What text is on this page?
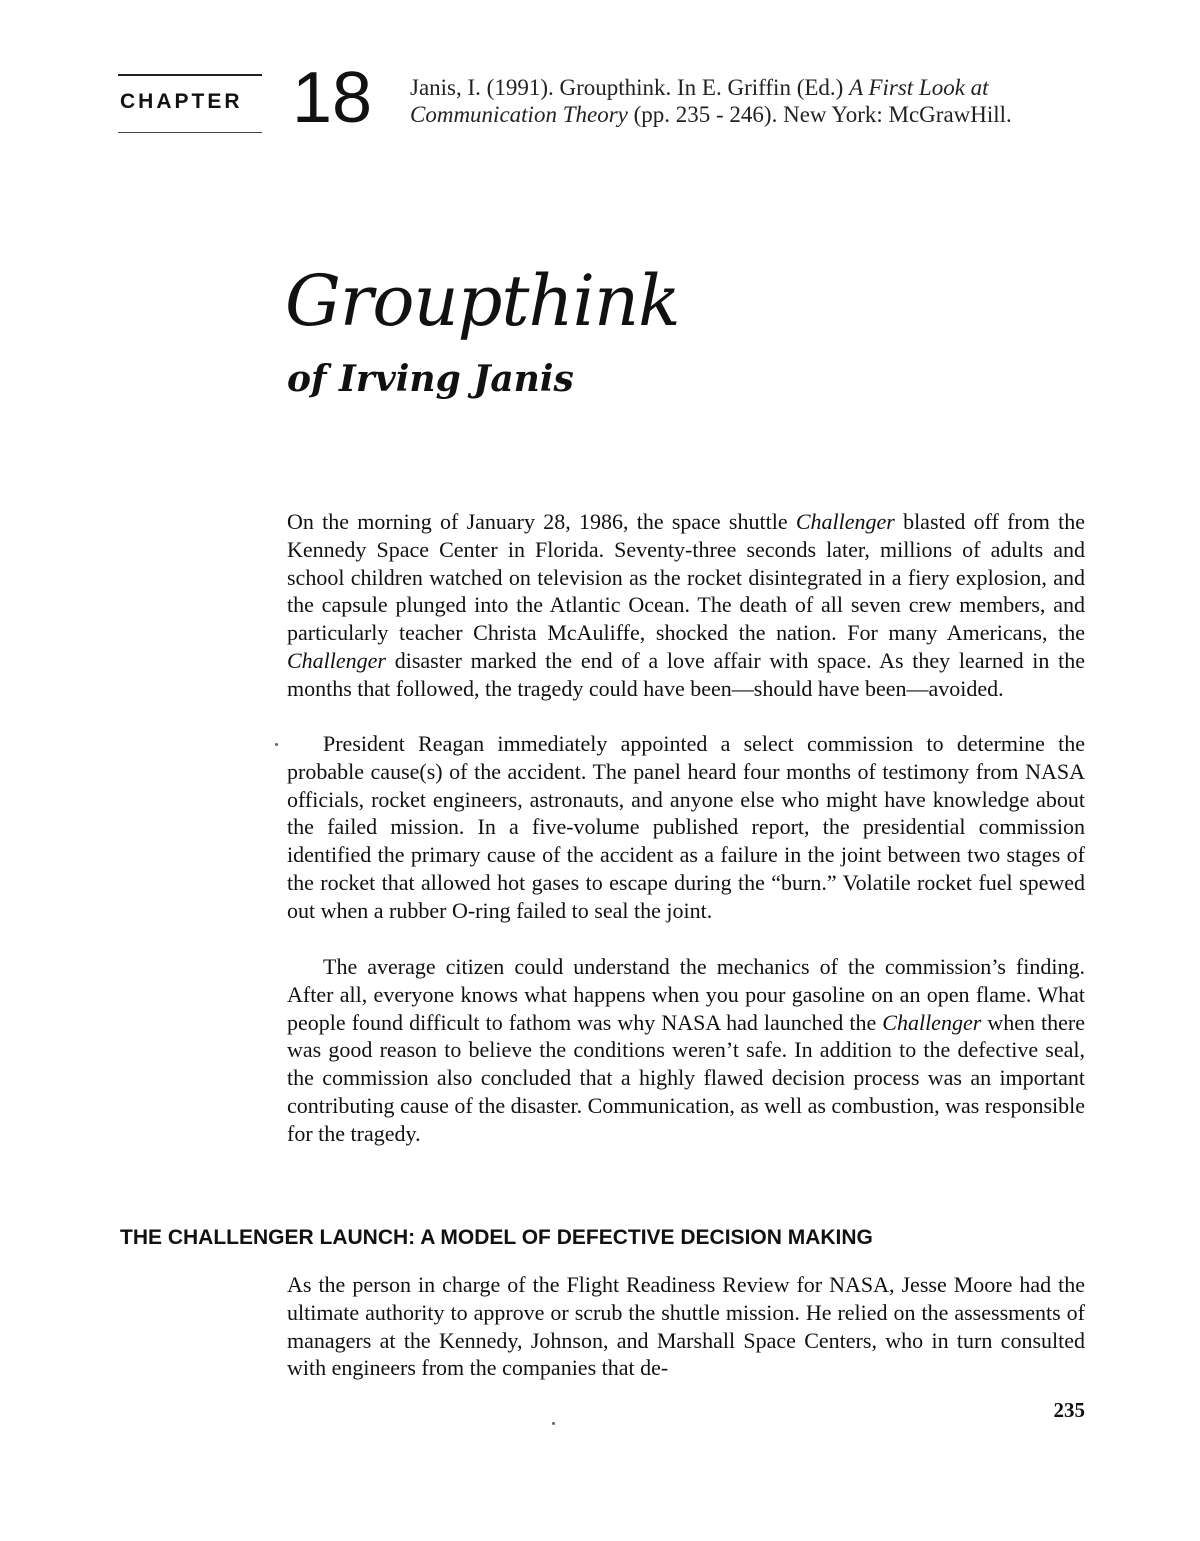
CHAPTER 18 Janis, I. (1991). Groupthink. In E. Griffin (Ed.) A First Look at
Communication Theory (pp. 235 - 246). New York: McGrawHill.
Groupthink
of Irving Janis

On the morning of January 28, 1986, the space shuttle Challenger blasted off from the Kennedy Space Center in Florida. Seventy-three seconds later, millions of adults and school children watched on television as the rocket disintegrated in a fiery explosion, and the capsule plunged into the Atlantic Ocean. The death of all seven crew members, and particularly teacher Christa McAuliffe, shocked the nation. For many Americans, the Challenger disaster marked the end of a love affair with space. As they learned in the months that followed, the tragedy could have been—should have been—avoided.

President Reagan immediately appointed a select commission to determine the probable cause(s) of the accident. The panel heard four months of testimony from NASA officials, rocket engineers, astronauts, and anyone else who might have knowledge about the failed mission. In a five-volume published report, the presidential commission identified the primary cause of the accident as a failure in the joint between two stages of the rocket that allowed hot gases to escape during the “burn.” Volatile rocket fuel spewed out when a rubber O-ring failed to seal the joint.

The average citizen could understand the mechanics of the commission’s finding. After all, everyone knows what happens when you pour gasoline on an open flame. What people found difficult to fathom was why NASA had launched the Challenger when there was good reason to believe the conditions weren’t safe. In addition to the defective seal, the commission also concluded that a highly flawed decision process was an important contributing cause of the disaster. Communication, as well as combustion, was responsible for the tragedy.

THE CHALLENGER LAUNCH: A MODEL OF DEFECTIVE DECISION MAKING

As the person in charge of the Flight Readiness Review for NASA, Jesse Moore had the ultimate authority to approve or scrub the shuttle mission. He relied on the assessments of managers at the Kennedy, Johnson, and Marshall Space Centers, who in turn consulted with engineers from the companies that de-

235
